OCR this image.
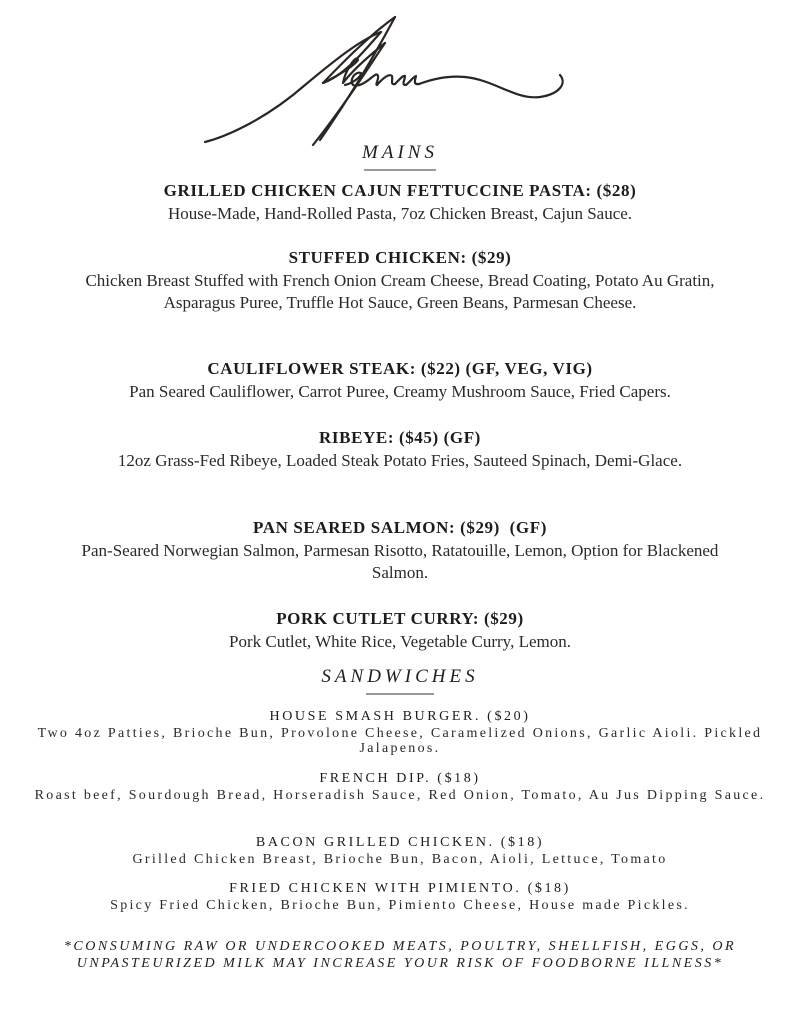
MAINS
GRILLED CHICKEN CAJUN FETTUCCINE PASTA: ($28)
House-Made, Hand-Rolled Pasta, 7oz Chicken Breast, Cajun Sauce.
STUFFED CHICKEN: ($29)
Chicken Breast Stuffed with French Onion Cream Cheese, Bread Coating, Potato Au Gratin, Asparagus Puree, Truffle Hot Sauce, Green Beans, Parmesan Cheese.
CAULIFLOWER STEAK: ($22) (GF, VEG, VIG)
Pan Seared Cauliflower, Carrot Puree, Creamy Mushroom Sauce, Fried Capers.
RIBEYE: ($45) (GF)
12oz Grass-Fed Ribeye, Loaded Steak Potato Fries, Sauteed Spinach, Demi-Glace.
PAN SEARED SALMON: ($29)  (GF)
Pan-Seared Norwegian Salmon, Parmesan Risotto, Ratatouille, Lemon, Option for Blackened Salmon.
PORK CUTLET CURRY: ($29)
Pork Cutlet, White Rice, Vegetable Curry, Lemon.
SANDWICHES
HOUSE SMASH BURGER. ($20)
Two 4oz Patties, Brioche Bun, Provolone Cheese, Caramelized Onions, Garlic Aioli. Pickled Jalapenos.
FRENCH DIP. ($18)
Roast beef, Sourdough Bread, Horseradish Sauce, Red Onion, Tomato, Au Jus Dipping Sauce.
BACON GRILLED CHICKEN. ($18)
Grilled Chicken Breast, Brioche Bun, Bacon, Aioli, Lettuce, Tomato
FRIED CHICKEN WITH PIMIENTO. ($18)
Spicy Fried Chicken, Brioche Bun, Pimiento Cheese, House made Pickles.
*CONSUMING RAW OR UNDERCOOKED MEATS, POULTRY, SHELLFISH, EGGS, OR UNPASTEURIZED MILK MAY INCREASE YOUR RISK OF FOODBORNE ILLNESS*
